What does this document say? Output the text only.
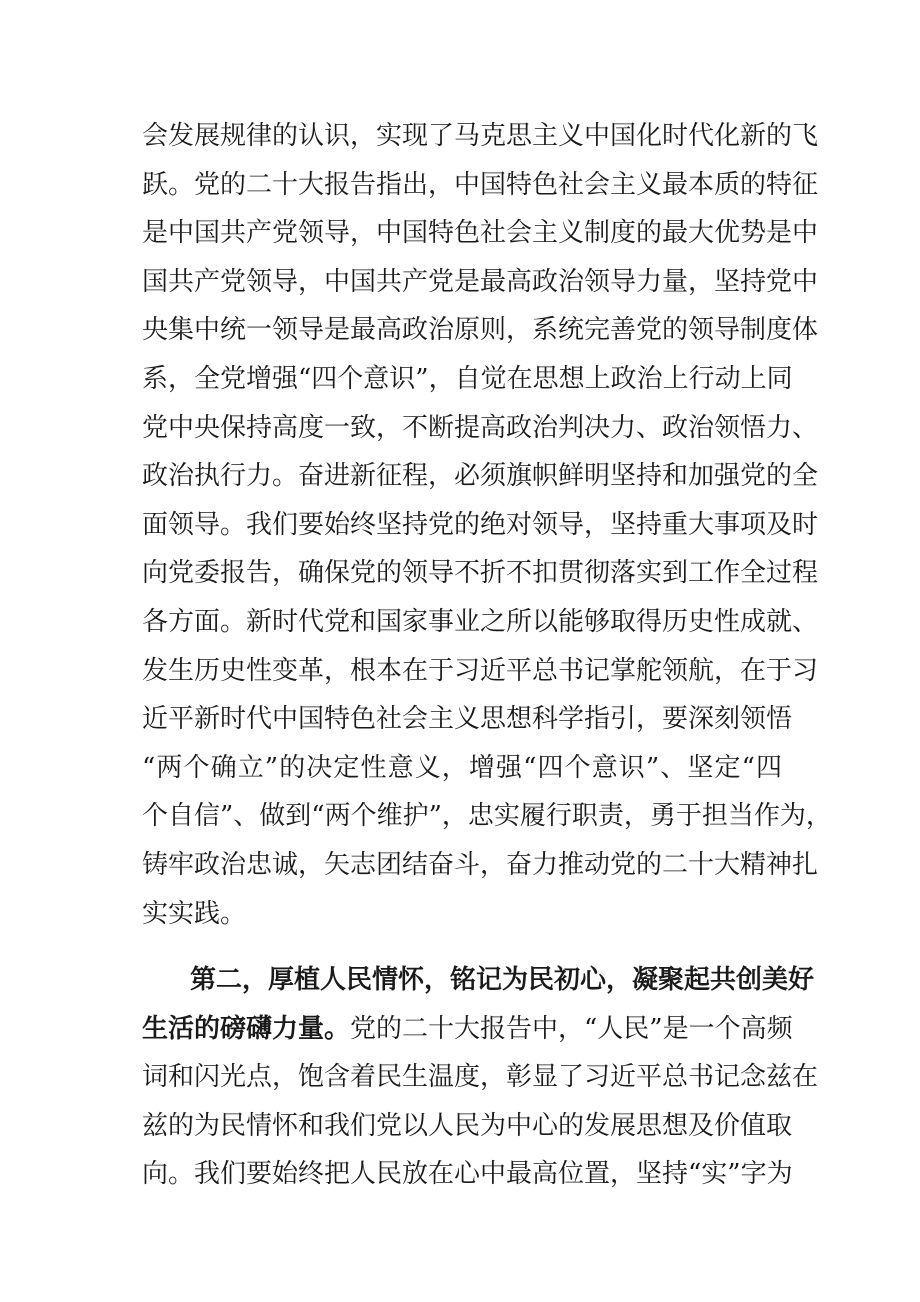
会发展规律的认识，实现了马克思主义中国化时代化新的飞
跃。党的二十大报告指出，中国特色社会主义最本质的特征
是中国共产党领导，中国特色社会主义制度的最大优势是中
国共产党领导，中国共产党是最高政治领导力量，坚持党中
央集中统一领导是最高政治原则，系统完善党的领导制度体
系，全党增强“四个意识”，自觉在思想上政治上行动上同
党中央保持高度一致，不断提高政治判决力、政治领悟力、
政治执行力。奋进新征程，必须旗帜鲜明坚持和加强党的全
面领导。我们要始终坚持党的绝对领导，坚持重大事项及时
向党委报告，确保党的领导不折不扣贯彻落实到工作全过程
各方面。新时代党和国家事业之所以能够取得历史性成就、
发生历史性变革，根本在于习近平总书记掌舵领航，在于习
近平新时代中国特色社会主义思想科学指引，要深刻领悟
“两个确立”的决定性意义，增强“四个意识”、坚定“四
个自信”、做到“两个维护”，忠实履行职责，勇于担当作为，
铸牢政治忠诚，矢志团结奋斗，奋力推动党的二十大精神扎
实实践。
第二，厚植人民情怀，铭记为民初心，凝聚起共创美好
生活的磅礴力量。党的二十大报告中，“人民”是一个高频
词和闪光点，饱含着民生温度，彰显了习近平总书记念兹在
兹的为民情怀和我们党以人民为中心的发展思想及价值取
向。我们要始终把人民放在心中最高位置，坚持“实”字为
